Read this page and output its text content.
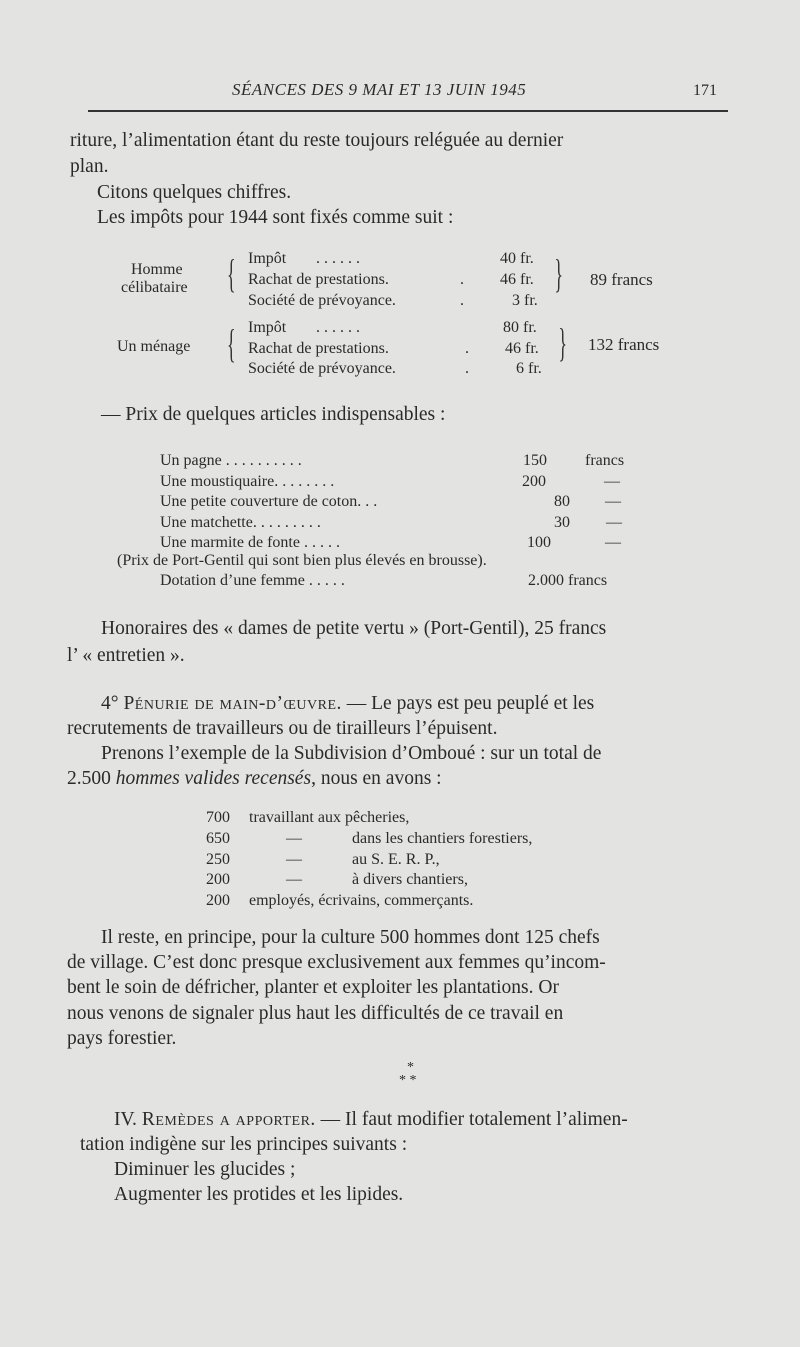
SÉANCES DES 9 MAI ET 13 JUIN 1945	171
riture, l’alimentation étant du reste toujours reléguée au dernier
plan.
Citons quelques chiffres.
Les impôts pour 1944 sont fixés comme suit :
Homme
célibataire { Impôt . . . . . .	40 fr.
Rachat de prestations.	. 46 fr.
Société de prévoyance.	.	3 fr.
{ 89 francs
Un ménage { Impôt . . . . . .	80 fr.
Rachat de prestations.	. 46 fr.
Société de prévoyance.	.	6 fr.
{ 132 francs
— Prix de quelques articles indispensables :
Un pagne . . . . . . . . . .	150 francs
Une moustiquaire. . . . . . . .	200	—
Une petite couverture de coton. . .	80 —
Une matchette. . . . . . . . .	30 —
Une marmite de fonte . . . . .	100	—
(Prix de Port-Gentil qui sont bien plus élevés en brousse).
Dotation d’une femme . . . . .	2.000 francs
Honoraires des « dames de petite vertu » (Port-Gentil), 25 francs
l’ « entretien ».
4° Pénurie de main-d’œuvre. — Le pays est peu peuplé et les
recrutements de travailleurs ou de tirailleurs l’épuisent.
Prenons l’exemple de la Subdivision d’Omboué : sur un total de
2.500 hommes valides recensés, nous en avons :
700 travaillant aux pêcheries,
650	—	dans les chantiers forestiers,
250	—	au S. E. R. P.,
200	—	à divers chantiers,
200 employés, écrivains, commerçants.
Il reste, en principe, pour la culture 500 hommes dont 125 chefs
de village. C’est donc presque exclusivement aux femmes qu’incom-
bent le soin de défricher, planter et exploiter les plantations. Or
nous venons de signaler plus haut les difficultés de ce travail en
pays forestier.
*
* *
IV. Remèdes a apporter. — Il faut modifier totalement l’alimen-
tation indigène sur les principes suivants :
Diminuer les glucides ;
Augmenter les protides et les lipides.
